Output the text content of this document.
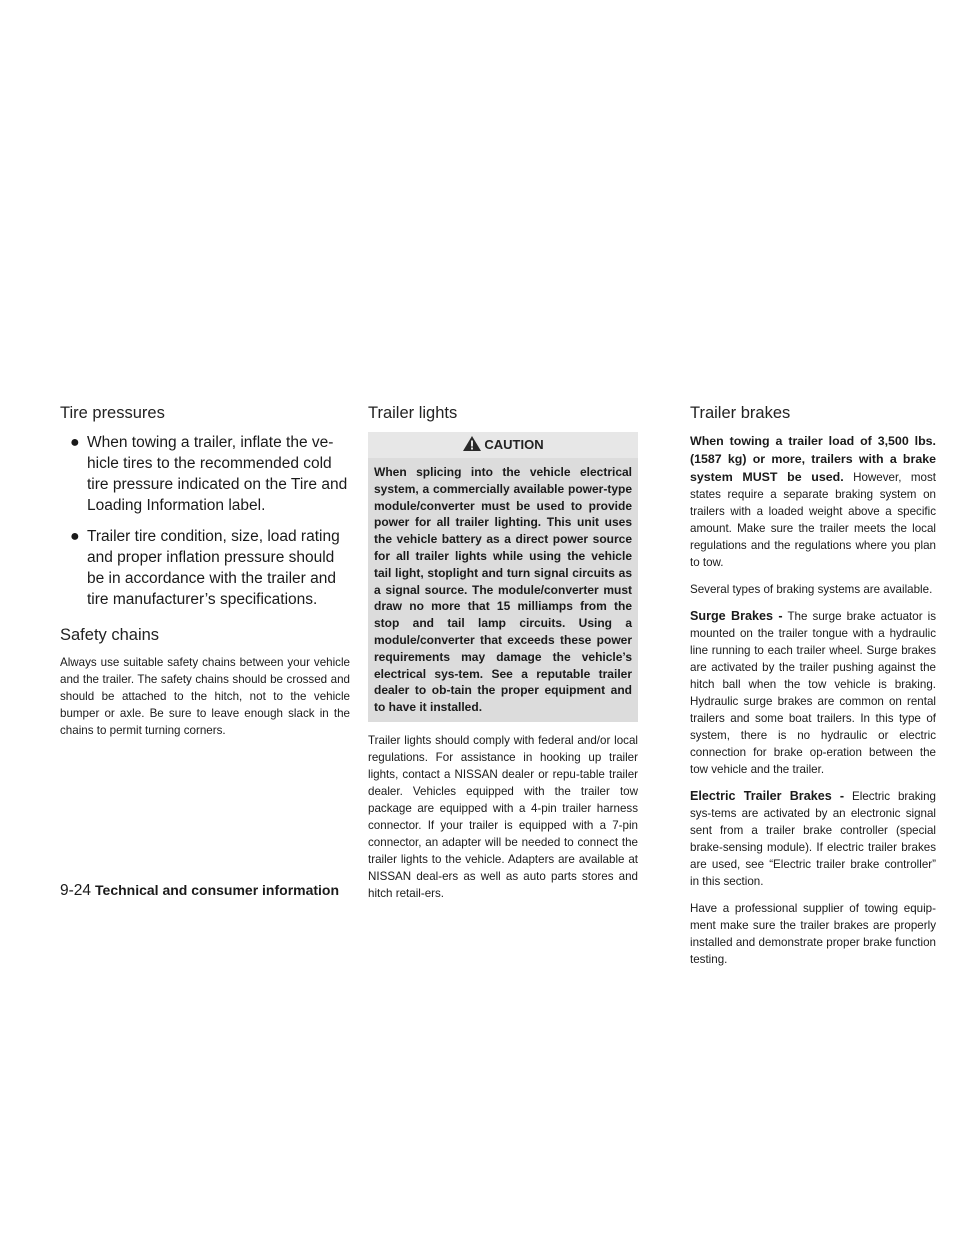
Tire pressures
● When towing a trailer, inflate the ve-hicle tires to the recommended cold tire pressure indicated on the Tire and Loading Information label.
● Trailer tire condition, size, load rating and proper inflation pressure should be in accordance with the trailer and tire manufacturer’s specifications.
Safety chains

Always use suitable safety chains between your vehicle and the trailer. The safety chains should be crossed and should be attached to the hitch, not to the vehicle bumper or axle. Be sure to leave enough slack in the chains to permit turning corners.

Trailer lights
CAUTION
When splicing into the vehicle electrical system, a commercially available power-type module/converter must be used to provide power for all trailer lighting. This unit uses the vehicle battery as a direct power source for all trailer lights while using the vehicle tail light, stoplight and turn signal circuits as a signal source. The module/converter must draw no more that 15 milliamps from the stop and tail lamp circuits. Using a module/converter that exceeds these power requirements may damage the vehicle’s electrical sys-tem. See a reputable trailer dealer to ob-tain the proper equipment and to have it installed.

Trailer lights should comply with federal and/or local regulations. For assistance in hooking up trailer lights, contact a NISSAN dealer or repu-table trailer dealer. Vehicles equipped with the trailer tow package are equipped with a 4-pin trailer harness connector. If your trailer is equipped with a 7-pin connector, an adapter will be needed to connect the trailer lights to the vehicle. Adapters are available at NISSAN deal-ers as well as auto parts stores and hitch retail-ers.

Trailer brakes

When towing a trailer load of 3,500 lbs. (1587 kg) or more, trailers with a brake system MUST be used. However, most states require a separate braking system on trailers with a loaded weight above a specific amount. Make sure the trailer meets the local regulations and the regulations where you plan to tow.

Several types of braking systems are available.

Surge Brakes - The surge brake actuator is mounted on the trailer tongue with a hydraulic line running to each trailer wheel. Surge brakes are activated by the trailer pushing against the hitch ball when the tow vehicle is braking. Hydraulic surge brakes are common on rental trailers and some boat trailers. In this type of system, there is no hydraulic or electric connection for brake op-eration between the tow vehicle and the trailer.

Electric Trailer Brakes - Electric braking sys-tems are activated by an electronic signal sent from a trailer brake controller (special brake-sensing module). If electric trailer brakes are used, see “Electric trailer brake controller” in this section.

Have a professional supplier of towing equip-ment make sure the trailer brakes are properly installed and demonstrate proper brake function testing.

9-24 Technical and consumer information
